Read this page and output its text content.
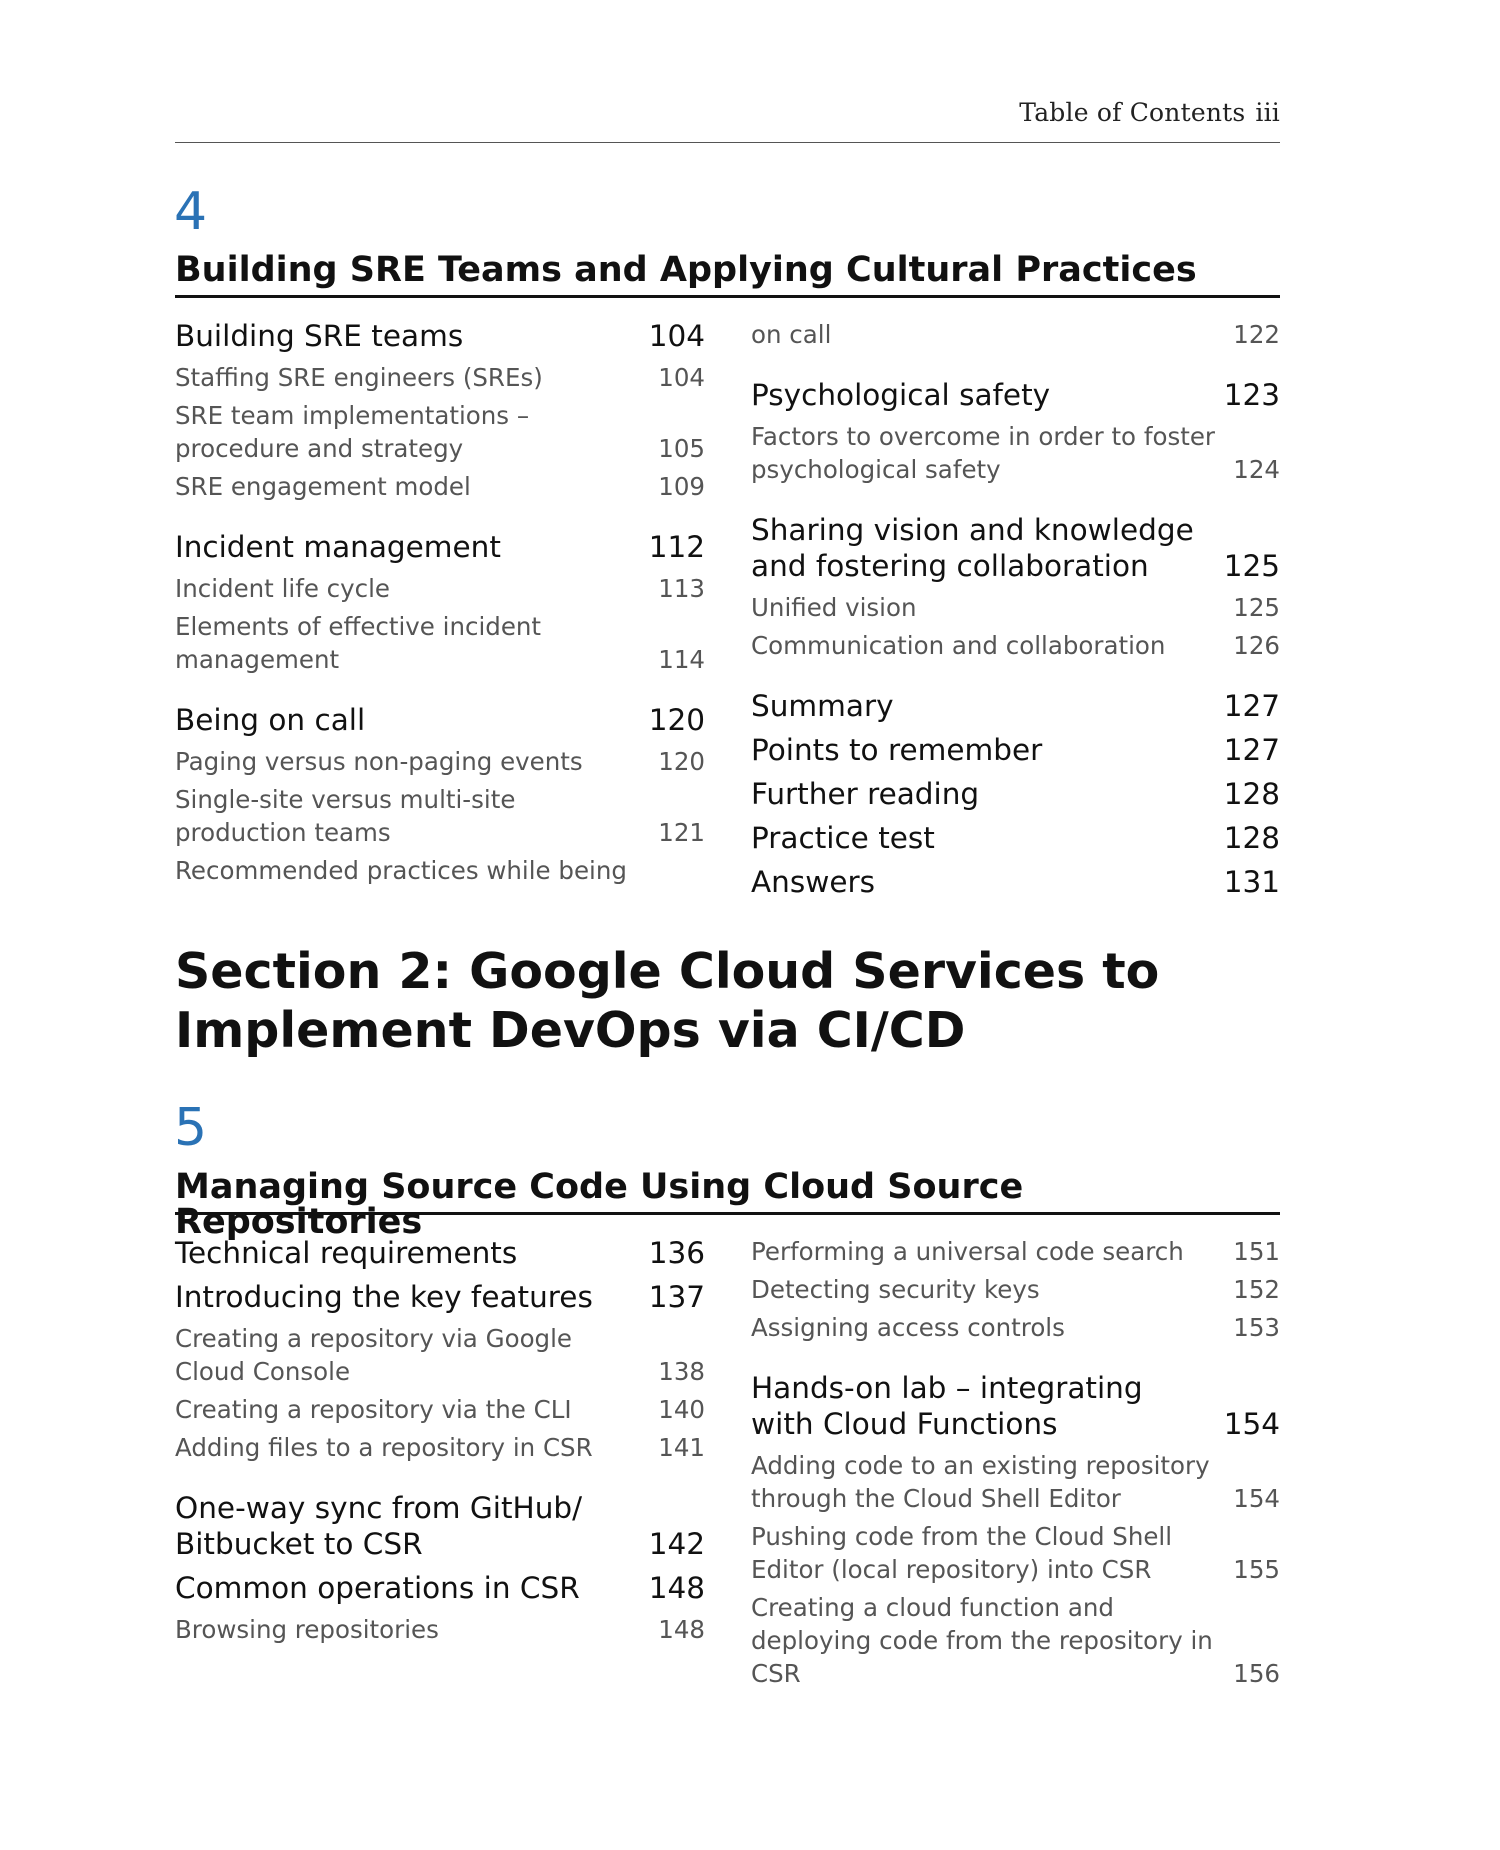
Table of Contents iii
4
Building SRE Teams and Applying Cultural Practices
Building SRE teams	104
Staffing SRE engineers (SREs)	104
SRE team implementations – procedure and strategy	105
SRE engagement model	109
Incident management	112
Incident life cycle	113
Elements of effective incident management	114
Being on call	120
Paging versus non-paging events	120
Single-site versus multi-site production teams	121
Recommended practices while being
on call	122
Psychological safety	123
Factors to overcome in order to foster psychological safety	124
Sharing vision and knowledge and fostering collaboration	125
Unified vision	125
Communication and collaboration	126
Summary	127
Points to remember	127
Further reading	128
Practice test	128
Answers	131
Section 2: Google Cloud Services to Implement DevOps via CI/CD
5
Managing Source Code Using Cloud Source Repositories
Technical requirements	136
Introducing the key features	137
Creating a repository via Google Cloud Console	138
Creating a repository via the CLI	140
Adding files to a repository in CSR	141
One-way sync from GitHub/ Bitbucket to CSR	142
Common operations in CSR	148
Browsing repositories	148
Performing a universal code search	151
Detecting security keys	152
Assigning access controls	153
Hands-on lab – integrating with Cloud Functions	154
Adding code to an existing repository through the Cloud Shell Editor	154
Pushing code from the Cloud Shell Editor (local repository) into CSR	155
Creating a cloud function and deploying code from the repository in CSR	156
